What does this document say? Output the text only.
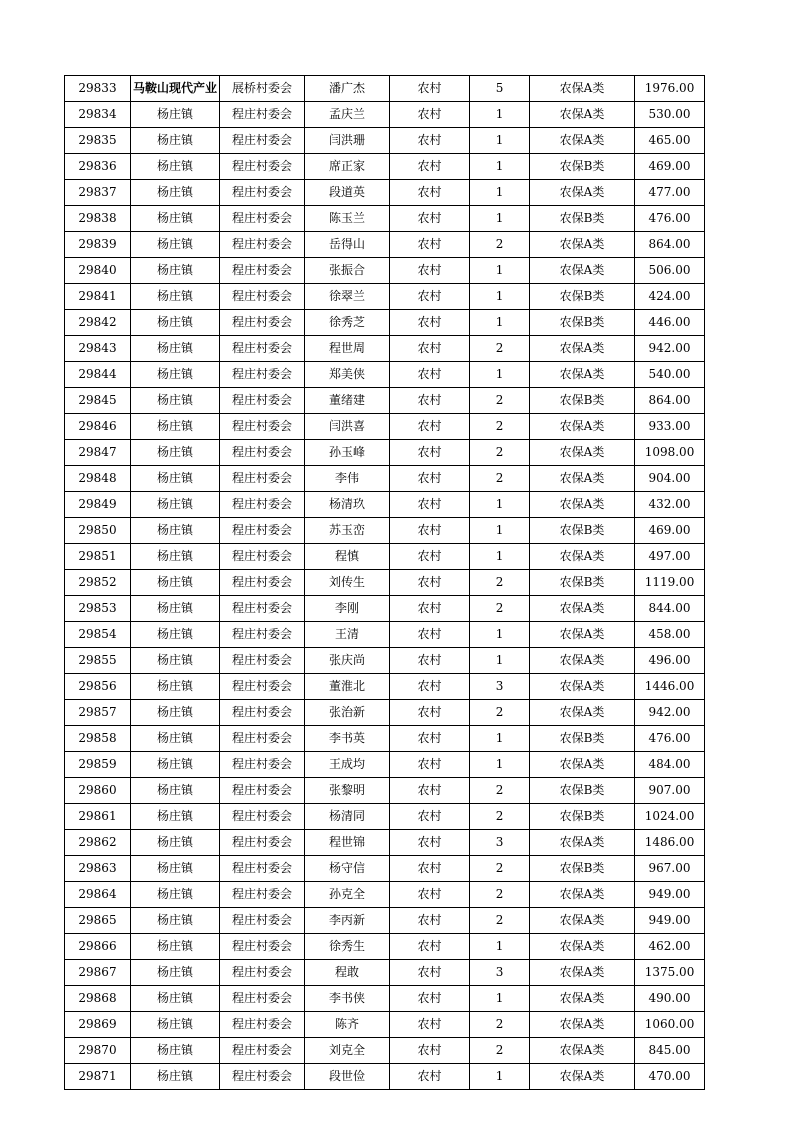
29833	马鞍山现代产业	展桥村委会	潘广杰	农村	5	农保A类	1976.00
29834	杨庄镇	程庄村委会	孟庆兰	农村	1	农保A类	530.00
29835	杨庄镇	程庄村委会	闫洪珊	农村	1	农保A类	465.00
29836	杨庄镇	程庄村委会	席正家	农村	1	农保B类	469.00
29837	杨庄镇	程庄村委会	段道英	农村	1	农保A类	477.00
29838	杨庄镇	程庄村委会	陈玉兰	农村	1	农保B类	476.00
29839	杨庄镇	程庄村委会	岳得山	农村	2	农保A类	864.00
29840	杨庄镇	程庄村委会	张振合	农村	1	农保A类	506.00
29841	杨庄镇	程庄村委会	徐翠兰	农村	1	农保B类	424.00
29842	杨庄镇	程庄村委会	徐秀芝	农村	1	农保B类	446.00
29843	杨庄镇	程庄村委会	程世周	农村	2	农保A类	942.00
29844	杨庄镇	程庄村委会	郑美侠	农村	1	农保A类	540.00
29845	杨庄镇	程庄村委会	董绪建	农村	2	农保B类	864.00
29846	杨庄镇	程庄村委会	闫洪喜	农村	2	农保A类	933.00
29847	杨庄镇	程庄村委会	孙玉峰	农村	2	农保A类	1098.00
29848	杨庄镇	程庄村委会	李伟	农村	2	农保A类	904.00
29849	杨庄镇	程庄村委会	杨清玖	农村	1	农保A类	432.00
29850	杨庄镇	程庄村委会	苏玉峦	农村	1	农保B类	469.00
29851	杨庄镇	程庄村委会	程慎	农村	1	农保A类	497.00
29852	杨庄镇	程庄村委会	刘传生	农村	2	农保B类	1119.00
29853	杨庄镇	程庄村委会	李刚	农村	2	农保A类	844.00
29854	杨庄镇	程庄村委会	王清	农村	1	农保A类	458.00
29855	杨庄镇	程庄村委会	张庆尚	农村	1	农保A类	496.00
29856	杨庄镇	程庄村委会	董淮北	农村	3	农保A类	1446.00
29857	杨庄镇	程庄村委会	张治新	农村	2	农保A类	942.00
29858	杨庄镇	程庄村委会	李书英	农村	1	农保B类	476.00
29859	杨庄镇	程庄村委会	王成均	农村	1	农保A类	484.00
29860	杨庄镇	程庄村委会	张黎明	农村	2	农保B类	907.00
29861	杨庄镇	程庄村委会	杨清同	农村	2	农保B类	1024.00
29862	杨庄镇	程庄村委会	程世锦	农村	3	农保A类	1486.00
29863	杨庄镇	程庄村委会	杨守信	农村	2	农保B类	967.00
29864	杨庄镇	程庄村委会	孙克全	农村	2	农保A类	949.00
29865	杨庄镇	程庄村委会	李丙新	农村	2	农保A类	949.00
29866	杨庄镇	程庄村委会	徐秀生	农村	1	农保A类	462.00
29867	杨庄镇	程庄村委会	程敢	农村	3	农保A类	1375.00
29868	杨庄镇	程庄村委会	李书侠	农村	1	农保A类	490.00
29869	杨庄镇	程庄村委会	陈齐	农村	2	农保A类	1060.00
29870	杨庄镇	程庄村委会	刘克全	农村	2	农保A类	845.00
29871	杨庄镇	程庄村委会	段世俭	农村	1	农保A类	470.00
